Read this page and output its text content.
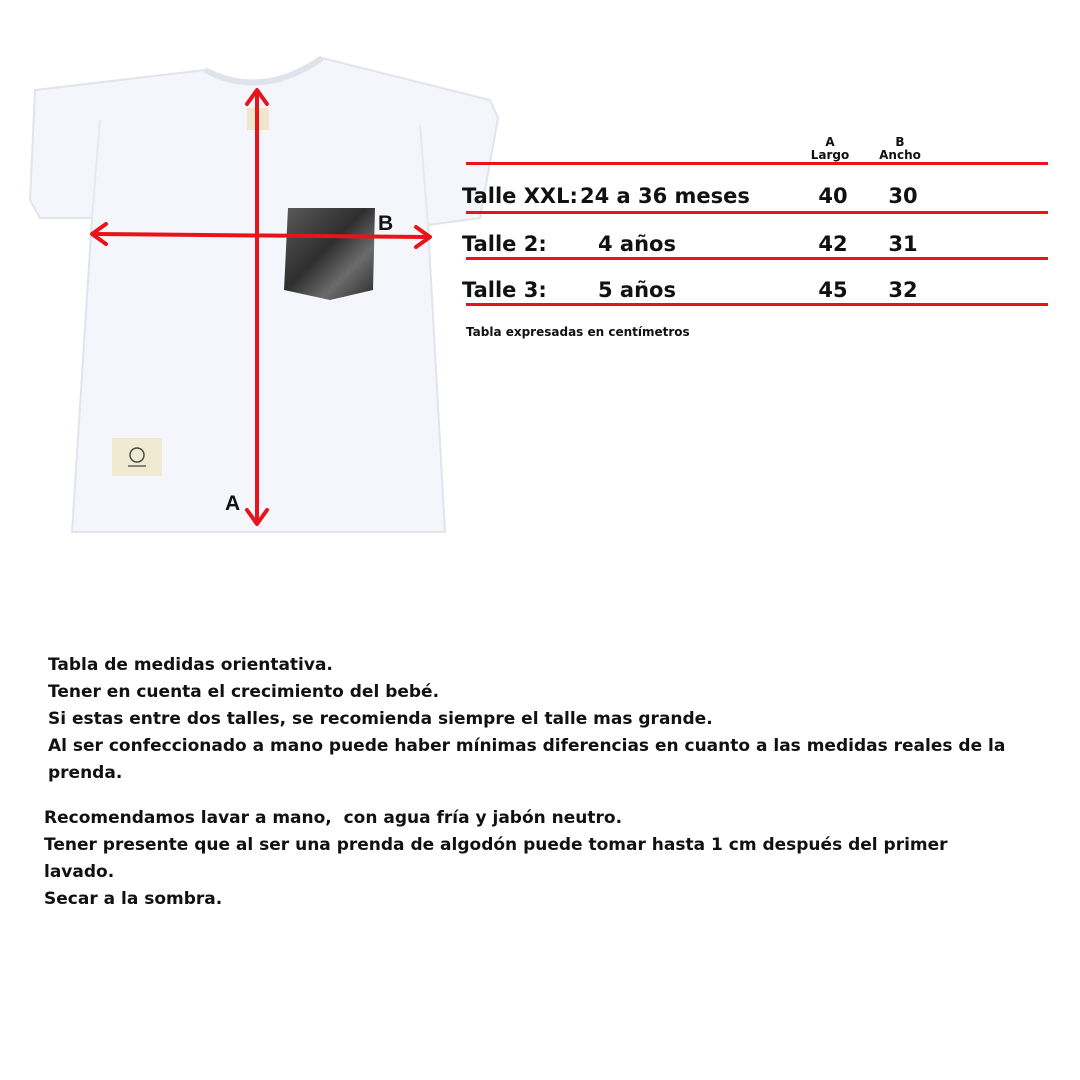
A
B
A
Largo
B
Ancho
Talle XXL: 24 a 36 meses	40	30
Talle 2: 4 años	42	31
Talle 3: 5 años	45	32
Tabla expresadas en centímetros
Tabla de medidas orientativa.
Tener en cuenta el crecimiento del bebé.
Si estas entre dos talles, se recomienda siempre el talle mas grande.
Al ser confeccionado a mano puede haber mínimas diferencias en cuanto a las medidas reales de la prenda.
Recomendamos lavar a mano,  con agua fría y jabón neutro.
Tener presente que al ser una prenda de algodón puede tomar hasta 1 cm después del primer lavado.
Secar a la sombra.
